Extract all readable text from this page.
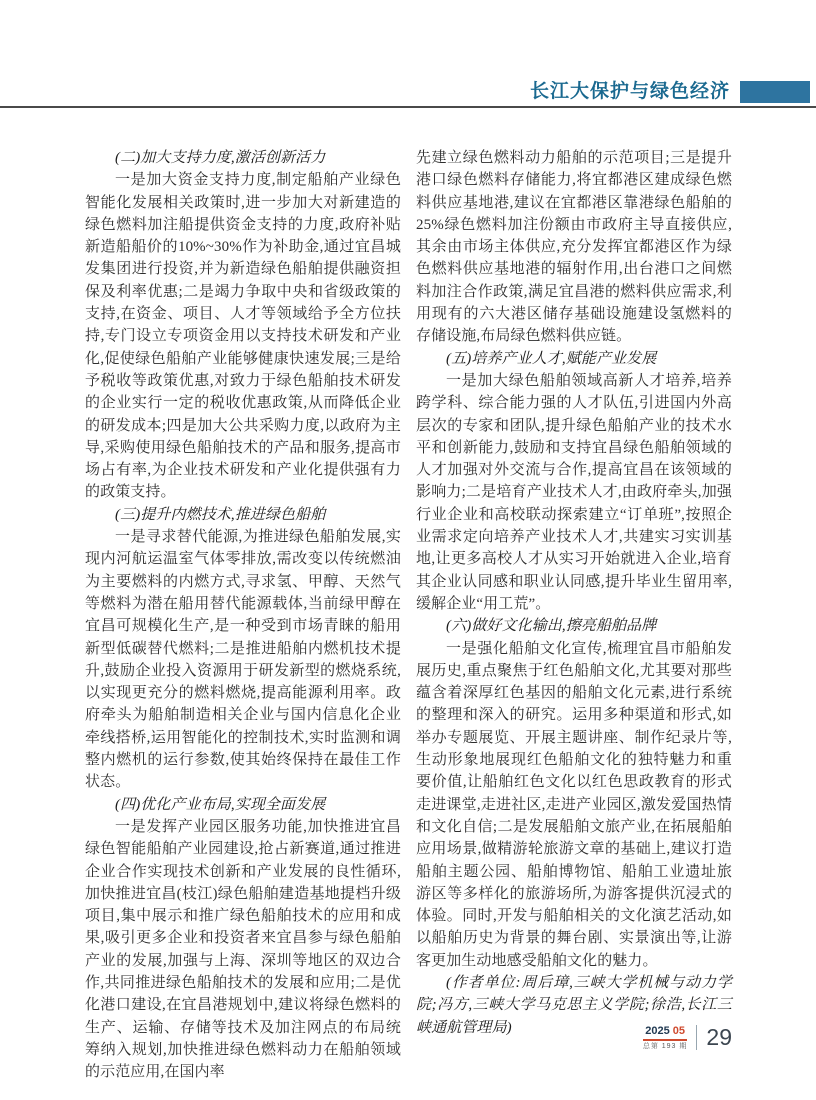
长江大保护与绿色经济

(二)加大支持力度,激活创新活力

一是加大资金支持力度,制定船舶产业绿色智能化发展相关政策时,进一步加大对新建造的绿色燃料加注船提供资金支持的力度,政府补贴新造船船价的10%~30%作为补助金,通过宜昌城发集团进行投资,并为新造绿色船舶提供融资担保及利率优惠;二是竭力争取中央和省级政策的支持,在资金、项目、人才等领域给予全方位扶持,专门设立专项资金用以支持技术研发和产业化,促使绿色船舶产业能够健康快速发展;三是给予税收等政策优惠,对致力于绿色船舶技术研发的企业实行一定的税收优惠政策,从而降低企业的研发成本;四是加大公共采购力度,以政府为主导,采购使用绿色船舶技术的产品和服务,提高市场占有率,为企业技术研发和产业化提供强有力的政策支持。

(三)提升内燃技术,推进绿色船舶

一是寻求替代能源,为推进绿色船舶发展,实现内河航运温室气体零排放,需改变以传统燃油为主要燃料的内燃方式,寻求氢、甲醇、天然气等燃料为潜在船用替代能源载体,当前绿甲醇在宜昌可规模化生产,是一种受到市场青睐的船用新型低碳替代燃料;二是推进船舶内燃机技术提升,鼓励企业投入资源用于研发新型的燃烧系统,以实现更充分的燃料燃烧,提高能源利用率。政府牵头为船舶制造相关企业与国内信息化企业牵线搭桥,运用智能化的控制技术,实时监测和调整内燃机的运行参数,使其始终保持在最佳工作状态。

(四)优化产业布局,实现全面发展

一是发挥产业园区服务功能,加快推进宜昌绿色智能船舶产业园建设,抢占新赛道,通过推进企业合作实现技术创新和产业发展的良性循环,加快推进宜昌(枝江)绿色船舶建造基地提档升级项目,集中展示和推广绿色船舶技术的应用和成果,吸引更多企业和投资者来宜昌参与绿色船舶产业的发展,加强与上海、深圳等地区的双边合作,共同推进绿色船舶技术的发展和应用;二是优化港口建设,在宜昌港规划中,建议将绿色燃料的生产、运输、存储等技术及加注网点的布局统筹纳入规划,加快推进绿色燃料动力在船舶领域的示范应用,在国内率

先建立绿色燃料动力船舶的示范项目;三是提升港口绿色燃料存储能力,将宜都港区建成绿色燃料供应基地港,建议在宜都港区靠港绿色船舶的25%绿色燃料加注份额由市政府主导直接供应,其余由市场主体供应,充分发挥宜都港区作为绿色燃料供应基地港的辐射作用,出台港口之间燃料加注合作政策,满足宜昌港的燃料供应需求,利用现有的六大港区储存基础设施建设氢燃料的存储设施,布局绿色燃料供应链。

(五)培养产业人才,赋能产业发展

一是加大绿色船舶领域高新人才培养,培养跨学科、综合能力强的人才队伍,引进国内外高层次的专家和团队,提升绿色船舶产业的技术水平和创新能力,鼓励和支持宜昌绿色船舶领域的人才加强对外交流与合作,提高宜昌在该领域的影响力;二是培育产业技术人才,由政府牵头,加强行业企业和高校联动探索建立“订单班”,按照企业需求定向培养产业技术人才,共建实习实训基地,让更多高校人才从实习开始就进入企业,培育其企业认同感和职业认同感,提升毕业生留用率,缓解企业“用工荒”。

(六)做好文化输出,擦亮船舶品牌

一是强化船舶文化宣传,梳理宜昌市船舶发展历史,重点聚焦于红色船舶文化,尤其要对那些蕴含着深厚红色基因的船舶文化元素,进行系统的整理和深入的研究。运用多种渠道和形式,如举办专题展览、开展主题讲座、制作纪录片等,生动形象地展现红色船舶文化的独特魅力和重要价值,让船舶红色文化以红色思政教育的形式走进课堂,走进社区,走进产业园区,激发爱国热情和文化自信;二是发展船舶文旅产业,在拓展船舶应用场景,做精游轮旅游文章的基础上,建议打造船舶主题公园、船舶博物馆、船舶工业遗址旅游区等多样化的旅游场所,为游客提供沉浸式的体验。同时,开发与船舶相关的文化演艺活动,如以船舶历史为背景的舞台剧、实景演出等,让游客更加生动地感受船舶文化的魅力。

(作者单位:周后璋,三峡大学机械与动力学院;冯方,三峡大学马克思主义学院;徐浩,长江三峡通航管理局)	2025 05
总第 193 期 29
